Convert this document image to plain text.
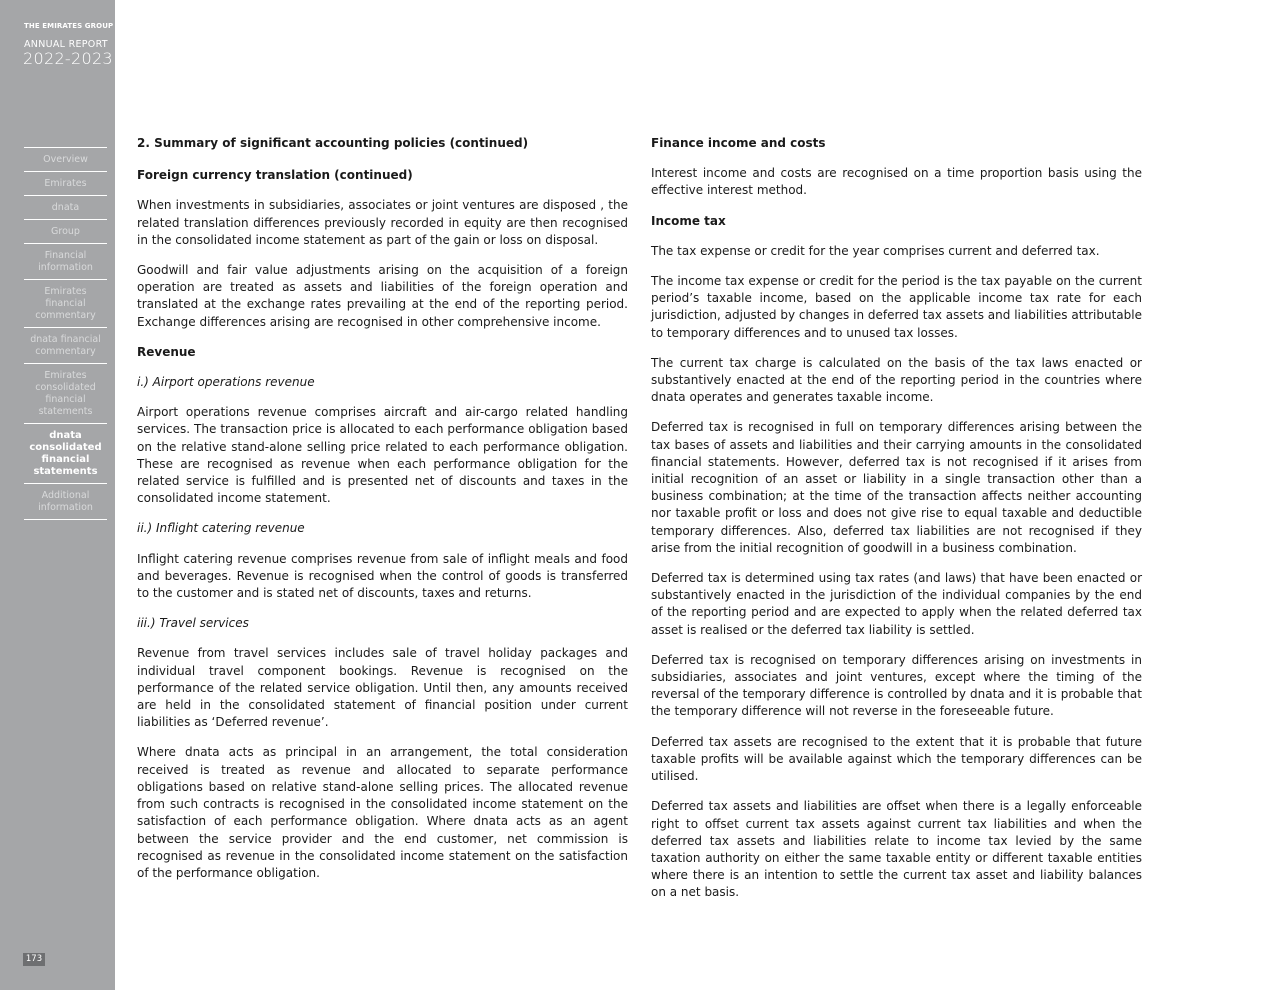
THE EMIRATES GROUP
ANNUAL REPORT
2022-2023
Overview
Emirates
dnata
Group
Financial information
Emirates financial commentary
dnata financial commentary
Emirates consolidated financial statements
dnata consolidated financial statements
Additional information
173
2. Summary of significant accounting policies (continued)
Foreign currency translation (continued)

When investments in subsidiaries, associates or joint ventures are disposed , the related translation differences previously recorded in equity are then recognised in the consolidated income statement as part of the gain or loss on disposal.

Goodwill and fair value adjustments arising on the acquisition of a foreign operation are treated as assets and liabilities of the foreign operation and translated at the exchange rates prevailing at the end of the reporting period. Exchange differences arising are recognised in other comprehensive income.

Revenue
i.) Airport operations revenue

Airport operations revenue comprises aircraft and air-cargo related handling services. The transaction price is allocated to each performance obligation based on the relative stand-alone selling price related to each performance obligation. These are recognised as revenue when each performance obligation for the related service is fulfilled and is presented net of discounts and taxes in the consolidated income statement.

ii.) Inflight catering revenue

Inflight catering revenue comprises revenue from sale of inflight meals and food and beverages. Revenue is recognised when the control of goods is transferred to the customer and is stated net of discounts, taxes and returns.

iii.) Travel services

Revenue from travel services includes sale of travel holiday packages and individual travel component bookings. Revenue is recognised on the performance of the related service obligation. Until then, any amounts received are held in the consolidated statement of financial position under current liabilities as ‘Deferred revenue’.

Where dnata acts as principal in an arrangement, the total consideration received is treated as revenue and allocated to separate performance obligations based on relative stand-alone selling prices. The allocated revenue from such contracts is recognised in the consolidated income statement on the satisfaction of each performance obligation. Where dnata acts as an agent between the service provider and the end customer, net commission is recognised as revenue in the consolidated income statement on the satisfaction of the performance obligation.

Finance income and costs

Interest income and costs are recognised on a time proportion basis using the effective interest method.

Income tax

The tax expense or credit for the year comprises current and deferred tax.

The income tax expense or credit for the period is the tax payable on the current period’s taxable income, based on the applicable income tax rate for each jurisdiction, adjusted by changes in deferred tax assets and liabilities attributable to temporary differences and to unused tax losses.

The current tax charge is calculated on the basis of the tax laws enacted or substantively enacted at the end of the reporting period in the countries where dnata operates and generates taxable income.

Deferred tax is recognised in full on temporary differences arising between the tax bases of assets and liabilities and their carrying amounts in the consolidated financial statements. However, deferred tax is not recognised if it arises from initial recognition of an asset or liability in a single transaction other than a business combination; at the time of the transaction affects neither accounting nor taxable profit or loss and does not give rise to equal taxable and deductible temporary differences. Also, deferred tax liabilities are not recognised if they arise from the initial recognition of goodwill in a business combination.

Deferred tax is determined using tax rates (and laws) that have been enacted or substantively enacted in the jurisdiction of the individual companies by the end of the reporting period and are expected to apply when the related deferred tax asset is realised or the deferred tax liability is settled.

Deferred tax is recognised on temporary differences arising on investments in subsidiaries, associates and joint ventures, except where the timing of the reversal of the temporary difference is controlled by dnata and it is probable that the temporary difference will not reverse in the foreseeable future.

Deferred tax assets are recognised to the extent that it is probable that future taxable profits will be available against which the temporary differences can be utilised.

Deferred tax assets and liabilities are offset when there is a legally enforceable right to offset current tax assets against current tax liabilities and when the deferred tax assets and liabilities relate to income tax levied by the same taxation authority on either the same taxable entity or different taxable entities where there is an intention to settle the current tax asset and liability balances on a net basis.
